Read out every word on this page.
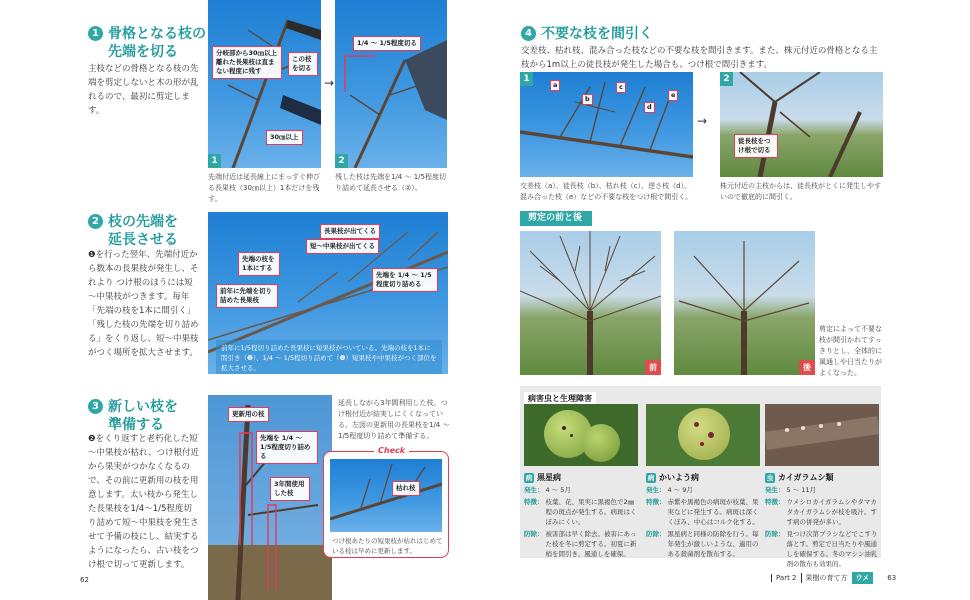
1 骨格となる枝の
先端を切る
主枝などの骨格となる枝の先端を剪定しないと木の形が乱れるので、最初に剪定します。
分岐部から30㎝以上離れた長果枝は直まない程度に残す
この枝を切る
30㎝以上
1
先端付近は延長線上にまっすぐ伸びる長果枝（30㎝以上）1本だけを残す。
→
1/4 ～ 1/5程度切る
2
残した枝は先端を1/4 ～ 1/5程度切り詰めて延長させる（②）。
2 枝の先端を
延長させる
❶を行った翌年、先端付近から数本の長果枝が発生し、それより つけ根のほうには短～中果枝がつきます。毎年「先端の枝を1本に間引く」「残した枝の先端を切り詰める」をくり返し、短～中果枝がつく場所を拡大させます。
長果枝が出てくる
短～中果枝が出てくる
先端の枝を1本にする
前年に先端を切り詰めた長果枝
先端を 1/4 ～ 1/5程度切り詰める
前年に1/5程切り詰めた長果枝に短果枝がついている。先端の枝を1本に間引き（❶）、1/4 ～ 1/5程切り詰めて（❷）短果枝や中果枝がつく部位を拡大させる。
3 新しい枝を
準備する
❷をくり返すと老朽化した短～中果枝が枯れ、つけ根付近から果実がつかなくなるので、その前に更新用の枝を用意します。太い枝から発生した長果枝を1/4～1/5程度切り詰めて短～中果枝を発生させて予備の枝にし、結実するようになったら、古い枝をつけ根で切って更新します。
更新用の枝
先端を 1/4 ～ 1/5程度切り詰める
3年間使用した枝
延長しながら3年間利用した枝。つけ根付近が結実しにくくなっている。左図の更新用の長果枝を1/4 ～ 1/5程度切り詰めて準備する。
Check
枯れ枝
つけ根あたりの短果枝が枯れはじめている枝は早めに更新します。
62
4 不要な枝を間引く
交差枝、枯れ枝、混み合った枝などの不要な枝を間引きます。また、株元付近の骨格となる主枝から1m以上の徒長枝が発生した場合も、つけ根で間引きます。
a
b
c
d
e
1
交差枝（a）、徒長枝（b）、枯れ枝（c）、逆さ枝（d）、混み合った枝（e）などの不要な枝をつけ根で間引く。
→
徒長枝をつけ根で切る
2
株元付近の主枝からは、徒長枝がとくに発生しやすいので徹底的に間引く。
剪定の前と後
前	後
剪定によって不要な枝が間引かれてすっきりとし、全体的に風通しや日当たりがよくなった。
病害虫と生理障害
病 黒星病
発生： 4 ～ 5月
特徴： 枝葉、花、果実に黒褐色で2㎜程の斑点が発生する。病斑はくぼみにくい。
防除： 被害部は早く除去。被害にあった枝を冬に剪定する。初夏に新梢を間引き、風通しを確保。
病 かいよう病
発生： 4 ～ 9月
特徴： 赤紫や黒褐色の病斑が枝葉、果実などに発生する。病斑は深くくぼみ、中心はコルク化する。
防除： 黒星病と同様の防除を行う。毎年発生が激しいような、適用のある殺菌剤を散布する。
虫 カイガラムシ類
発生： 5 ～ 11月
特徴： ウメシロカイガラムシやタマカタカイガラムシが枝を吸汁。すす病の併発が多い。
防除： 見つけ次第ブラシなどでこすり落とす。剪定で日当たりや風通しを確保する。冬のマシン油乳剤の散布も効果的。
Part 2	果樹の育て方	ウメ	63
